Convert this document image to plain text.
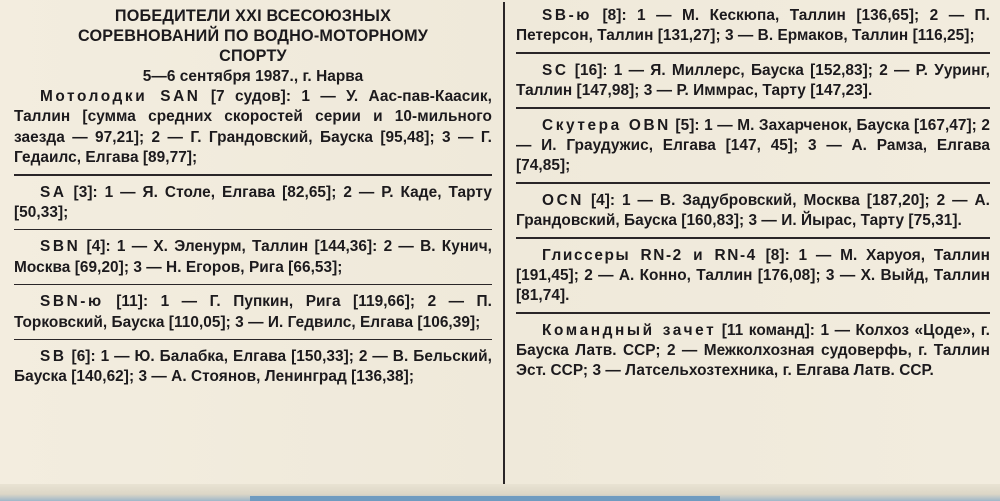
ПОБЕДИТЕЛИ XXI ВСЕСОЮЗНЫХ
СОРЕВНОВАНИЙ ПО ВОДНО-МОТОРНОМУ
СПОРТУ
5—6 сентября 1987., г. Нарва

Мотолодки SAN [7 судов]: 1 — У. Аас-пав-Каасик, Таллин [сумма средних скоростей серии и 10-мильного заезда — 97,21]; 2 — Г. Грандовский, Бауска [95,48]; 3 — Г. Гедаилс, Елгава [89,77];

SA [3]: 1 — Я. Столе, Елгава [82,65]; 2 — Р. Каде, Тарту [50,33];

SBN [4]: 1 — Х. Эленурм, Таллин [144,36]: 2 — В. Кунич, Москва [69,20]; 3 — Н. Егоров, Рига [66,53];

SBN-ю [11]: 1 — Г. Пупкин, Рига [119,66]; 2 — П. Торковский, Бауска [110,05]; 3 — И. Гедвилс, Елгава [106,39];

SB [6]: 1 — Ю. Балабка, Елгава [150,33]; 2 — В. Бельский, Бауска [140,62]; 3 — А. Стоянов, Ленинград [136,38];

SB-ю [8]: 1 — М. Кескюпа, Таллин [136,65]; 2 — П. Петерсон, Таллин [131,27]; 3 — В. Ермаков, Таллин [116,25];

SC [16]: 1 — Я. Миллерс, Бауска [152,83]; 2 — Р. Ууринг, Таллин [147,98]; 3 — Р. Иммрас, Тарту [147,23].

Скутера OBN [5]: 1 — М. Захарченок, Бауска [167,47]; 2 — И. Граудужис, Елгава [147, 45]; 3 — А. Рамза, Елгава [74,85];

OCN [4]: 1 — В. Задубровский, Москва [187,20]; 2 — А. Грандовский, Бауска [160,83]; 3 — И. Йырас, Тарту [75,31].

Глиссеры RN-2 и RN-4 [8]: 1 — М. Харуоя, Таллин [191,45]; 2 — А. Конно, Таллин [176,08]; 3 — Х. Выйд, Таллин [81,74].

Командный зачет [11 команд]: 1 — Колхоз «Цоде», г. Бауска Латв. ССР; 2 — Межколхозная судоверфь, г. Таллин Эст. ССР; 3 — Латсельхозтехника, г. Елгава Латв. ССР.
